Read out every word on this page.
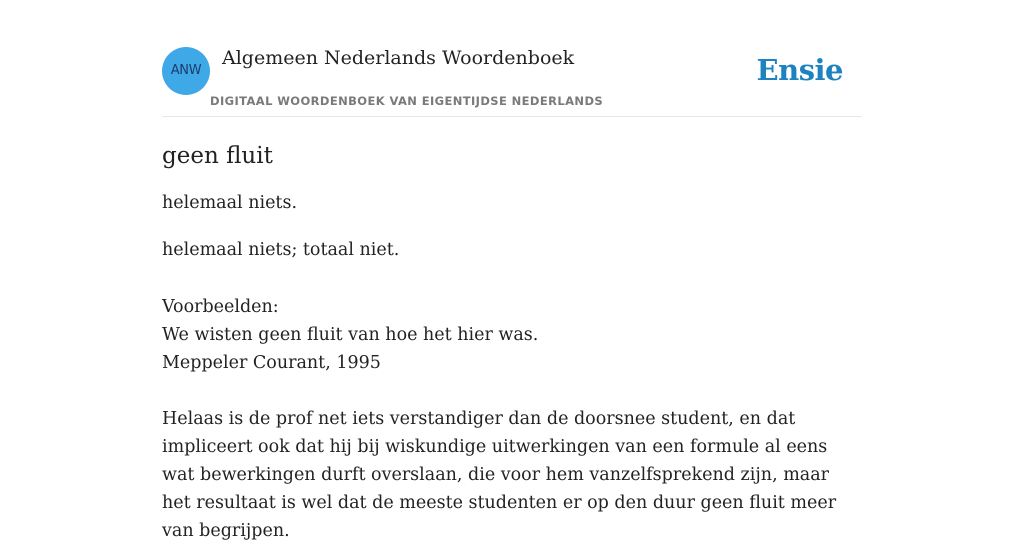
ANW
Algemeen Nederlands Woordenboek
DIGITAAL WOORDENBOEK VAN EIGENTIJDSE NEDERLANDS
Ensie
geen fluit

helemaal niets.

helemaal niets; totaal niet.

Voorbeelden:
We wisten geen fluit van hoe het hier was.
Meppeler Courant, 1995
Helaas is de prof net iets verstandiger dan de doorsnee student, en dat impliceert ook dat hij bij wiskundige uitwerkingen van een formule al eens wat bewerkingen durft overslaan, die voor hem vanzelfsprekend zijn, maar het resultaat is wel dat de meeste studenten er op den duur geen fluit meer van begrijpen.
